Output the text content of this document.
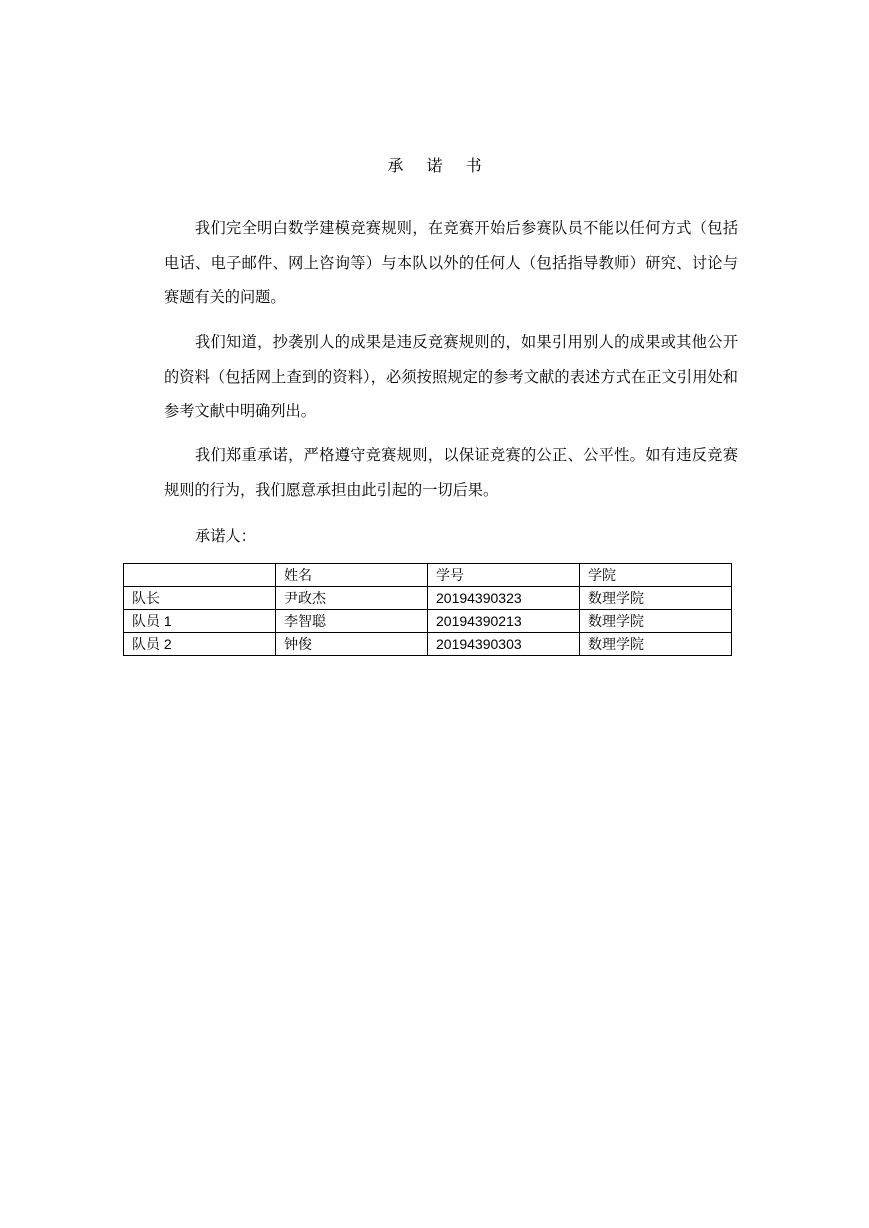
承 诺 书

我们完全明白数学建模竞赛规则，在竞赛开始后参赛队员不能以任何方式（包括电话、电子邮件、网上咨询等）与本队以外的任何人（包括指导教师）研究、讨论与赛题有关的问题。

我们知道，抄袭别人的成果是违反竞赛规则的，如果引用别人的成果或其他公开的资料（包括网上查到的资料），必须按照规定的参考文献的表述方式在正文引用处和参考文献中明确列出。

我们郑重承诺，严格遵守竞赛规则，以保证竞赛的公正、公平性。如有违反竞赛规则的行为，我们愿意承担由此引起的一切后果。

承诺人：
	姓名	学号	学院
队长	尹政杰	20194390323	数理学院
队员 1	李智聪	20194390213	数理学院
队员 2	钟俊	20194390303	数理学院
